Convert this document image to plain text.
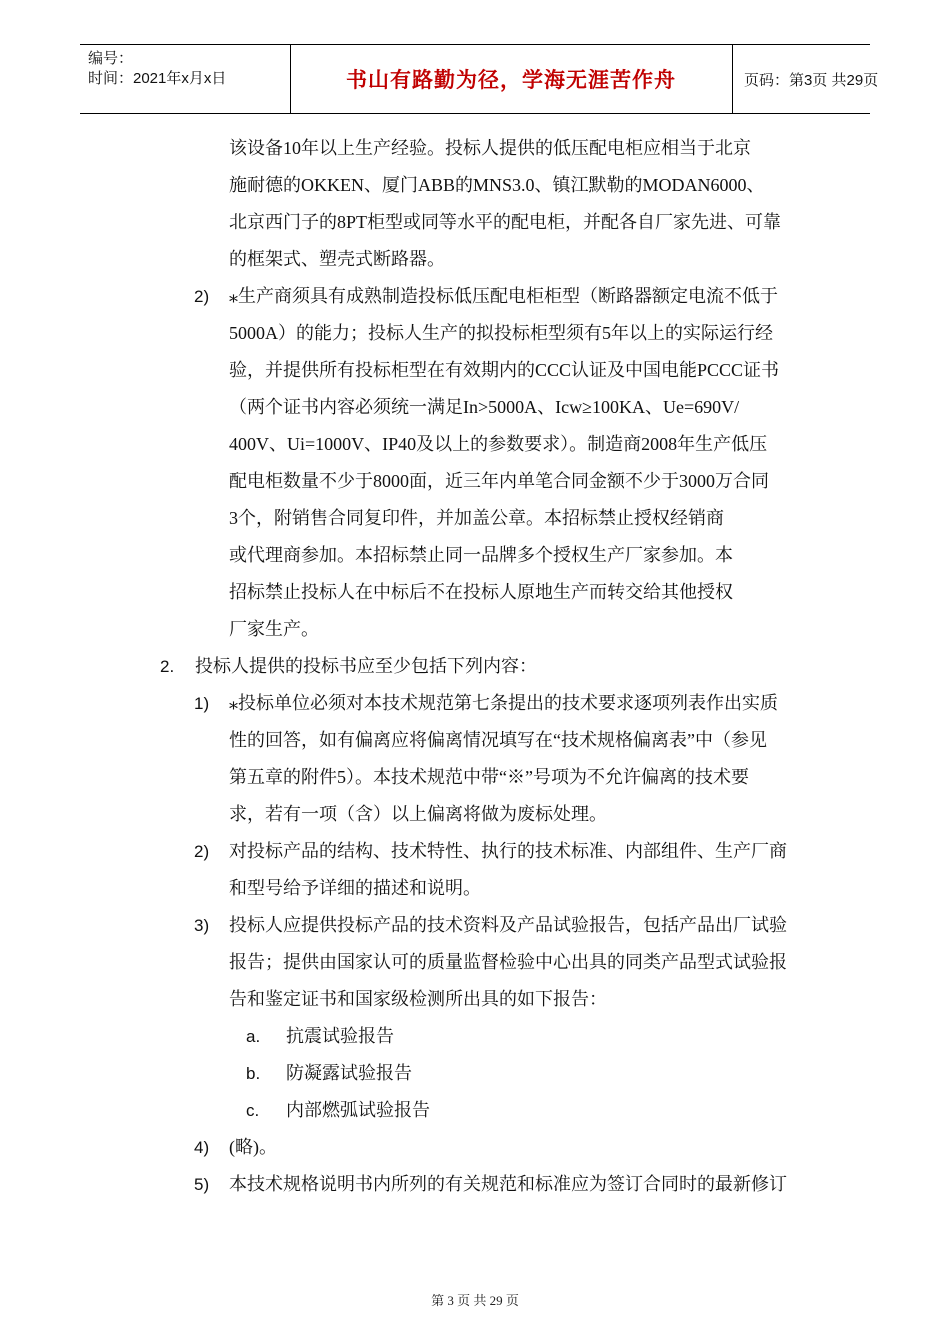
编号：
时间：2021年x月x日	书山有路勤为径，学海无涯苦作舟	页码：第3页 共29页
该设备10年以上生产经验。投标人提供的低压配电柜应相当于北京
施耐德的OKKEN、厦门ABB的MNS3.0、镇江默勒的MODAN6000、
北京西门子的8PT柜型或同等水平的配电柜，并配各自厂家先进、可靠
的框架式、塑壳式断路器。
2)	⁎生产商须具有成熟制造投标低压配电柜柜型（断路器额定电流不低于
5000A）的能力；投标人生产的拟投标柜型须有5年以上的实际运行经
验，并提供所有投标柜型在有效期内的CCC认证及中国电能PCCC证书
（两个证书内容必须统一满足In>5000A、Icw≥100KA、Ue=690V/
400V、Ui=1000V、IP40及以上的参数要求）。制造商2008年生产低压
配电柜数量不少于8000面，近三年内单笔合同金额不少于3000万合同
3个，附销售合同复印件，并加盖公章。本招标禁止授权经销商
或代理商参加。本招标禁止同一品牌多个授权生产厂家参加。本
招标禁止投标人在中标后不在投标人原地生产而转交给其他授权
厂家生产。
2.	投标人提供的投标书应至少包括下列内容：
1)	⁎投标单位必须对本技术规范第七条提出的技术要求逐项列表作出实质
性的回答，如有偏离应将偏离情况填写在“技术规格偏离表”中（参见
第五章的附件5）。本技术规范中带“※”号项为不允许偏离的技术要
求，若有一项（含）以上偏离将做为废标处理。
2)	对投标产品的结构、技术特性、执行的技术标准、内部组件、生产厂商
和型号给予详细的描述和说明。
3)	投标人应提供投标产品的技术资料及产品试验报告，包括产品出厂试验
报告；提供由国家认可的质量监督检验中心出具的同类产品型式试验报
告和鉴定证书和国家级检测所出具的如下报告：
a.	抗震试验报告
b.	防凝露试验报告
c.	内部燃弧试验报告
4)	(略)。
5)	本技术规格说明书内所列的有关规范和标准应为签订合同时的最新修订
第 3 页 共 29 页
